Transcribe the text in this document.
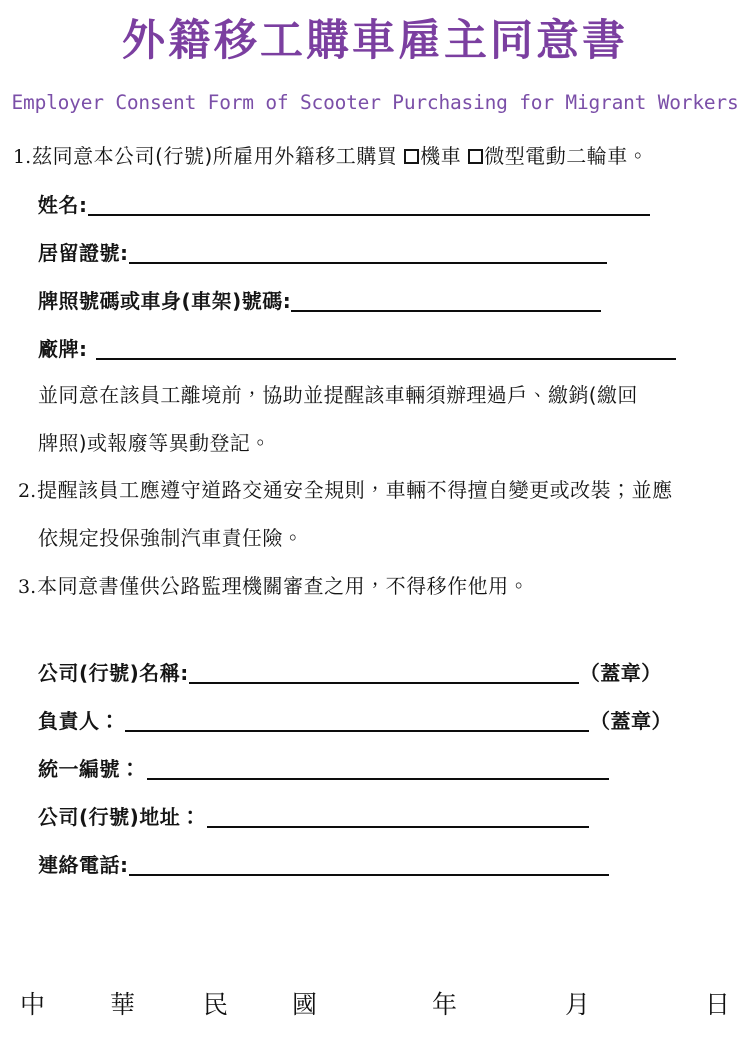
外籍移工購車雇主同意書
Employer Consent Form of Scooter Purchasing for Migrant Workers
1.茲同意本公司(行號)所雇用外籍移工購買 機車 微型電動二輪車。
姓名:
居留證號:
牌照號碼或車身(車架)號碼:
廠牌:
並同意在該員工離境前，協助並提醒該車輛須辦理過戶、繳銷(繳回
牌照)或報廢等異動登記。
2.提醒該員工應遵守道路交通安全規則，車輛不得擅自變更或改裝；並應
依規定投保強制汽車責任險。
3.本同意書僅供公路監理機關審查之用，不得移作他用。
公司(行號)名稱:	（蓋章）
負責人：	（蓋章）
統一編號：
公司(行號)地址：
連絡電話:
中	華	民	國	年	月	日
